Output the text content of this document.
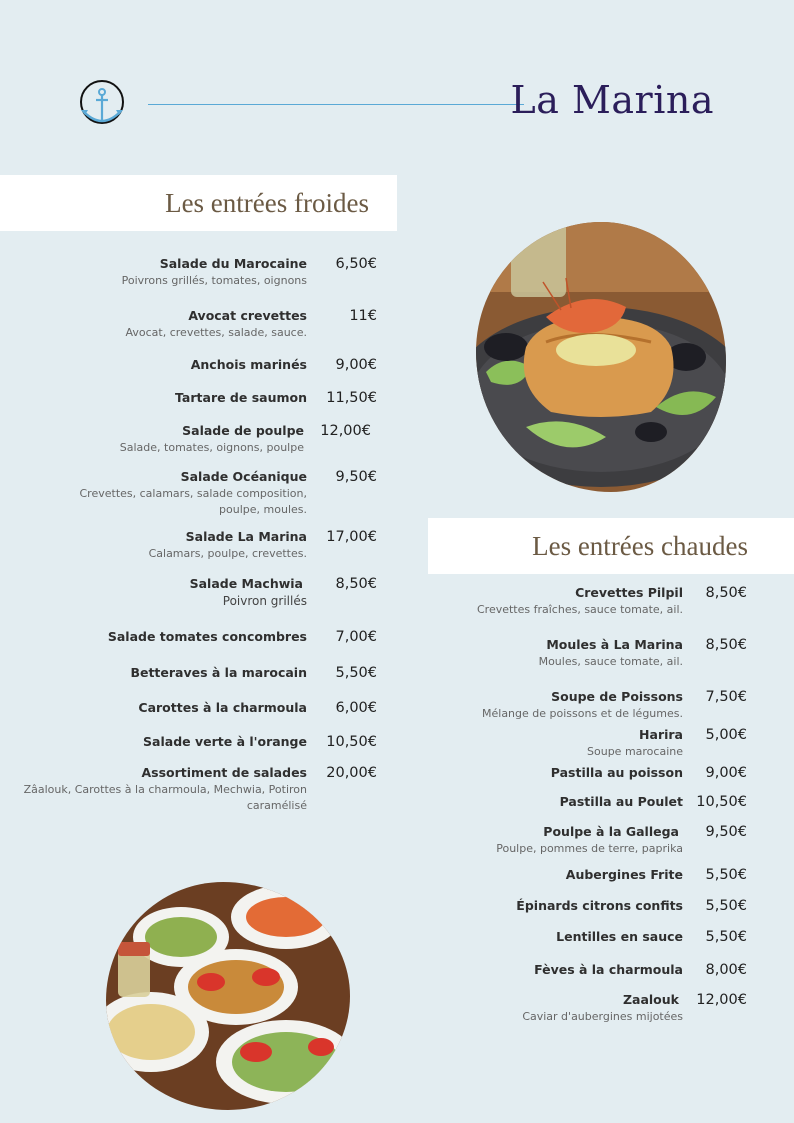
La Marina
Les entrées froides
Salade du Marocaine
Poivrons grillés, tomates, oignons
6,50€
Avocat crevettes
Avocat, crevettes, salade, sauce.
11€
Anchois marinés	9,00€
Tartare de saumon	11,50€
Salade de poulpe
Salade, tomates, oignons, poulpe
12,00€
Salade Océanique
Crevettes, calamars, salade composition,
poulpe, moules.
9,50€
Salade La Marina
Calamars, poulpe, crevettes.
17,00€
Salade Machwia
Poivron grillés
8,50€
Salade tomates concombres	7,00€
Betteraves à la marocain	5,50€
Carottes à la charmoula	6,00€
Salade verte à l'orange	10,50€
Assortiment de salades
Zâalouk, Carottes à la charmoula, Mechwia, Potiron
caramélisé
20,00€
Les entrées chaudes
Crevettes Pilpil
Crevettes fraîches, sauce tomate, ail.
8,50€
Moules à La Marina
Moules, sauce tomate, ail.
8,50€
Soupe de Poissons
Mélange de poissons et de légumes.
7,50€
Harira
Soupe marocaine
5,00€
Pastilla au poisson	9,00€
Pastilla au Poulet 10,50€
Poulpe à la Gallega
Poulpe, pommes de terre, paprika
9,50€
Aubergines Frite	5,50€
Épinards citrons confits	5,50€
Lentilles en sauce	5,50€
Fèves à la charmoula	8,00€
Zaalouk
Caviar d'aubergines mijotées
12,00€
